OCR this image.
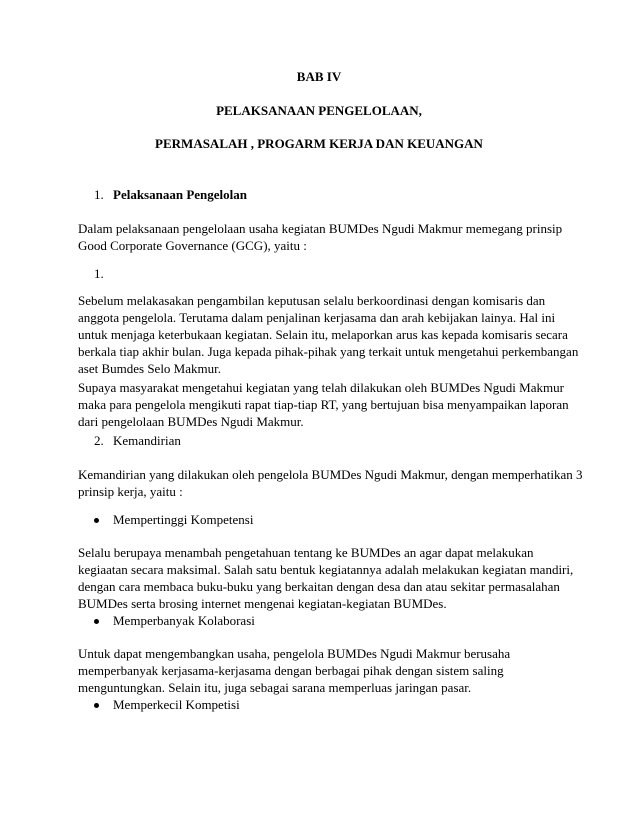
BAB IV
PELAKSANAAN PENGELOLAAN,
PERMASALAH , PROGARM KERJA DAN KEUANGAN
1. Pelaksanaan Pengelolan
Dalam pelaksanaan pengelolaan usaha kegiatan BUMDes Ngudi Makmur memegang prinsip
Good Corporate Governance (GCG), yaitu :
1.
Sebelum melakasakan pengambilan keputusan selalu berkoordinasi dengan komisaris dan
anggota pengelola. Terutama dalam penjalinan kerjasama dan arah kebijakan lainya. Hal ini
untuk menjaga keterbukaan kegiatan. Selain itu, melaporkan arus kas kepada komisaris secara
berkala tiap akhir bulan. Juga kepada pihak-pihak yang terkait untuk mengetahui perkembangan
aset Bumdes Selo Makmur.
Supaya masyarakat mengetahui kegiatan yang telah dilakukan oleh BUMDes Ngudi Makmur
maka para pengelola mengikuti rapat tiap-tiap RT, yang bertujuan bisa menyampaikan laporan
dari pengelolaan BUMDes Ngudi Makmur.
2. Kemandirian
Kemandirian yang dilakukan oleh pengelola BUMDes Ngudi Makmur, dengan memperhatikan 3
prinsip kerja, yaitu :
Mempertinggi Kompetensi
Selalu berupaya menambah pengetahuan tentang ke BUMDes an agar dapat melakukan
kegiaatan secara maksimal. Salah satu bentuk kegiatannya adalah melakukan kegiatan mandiri,
dengan cara membaca buku-buku yang berkaitan dengan desa dan atau sekitar permasalahan
BUMDes serta brosing internet mengenai kegiatan-kegiatan BUMDes.
Memperbanyak Kolaborasi
Untuk dapat mengembangkan usaha, pengelola BUMDes Ngudi Makmur berusaha
memperbanyak kerjasama-kerjasama dengan berbagai pihak dengan sistem saling
menguntungkan. Selain itu, juga sebagai sarana memperluas jaringan pasar.
Memperkecil Kompetisi
